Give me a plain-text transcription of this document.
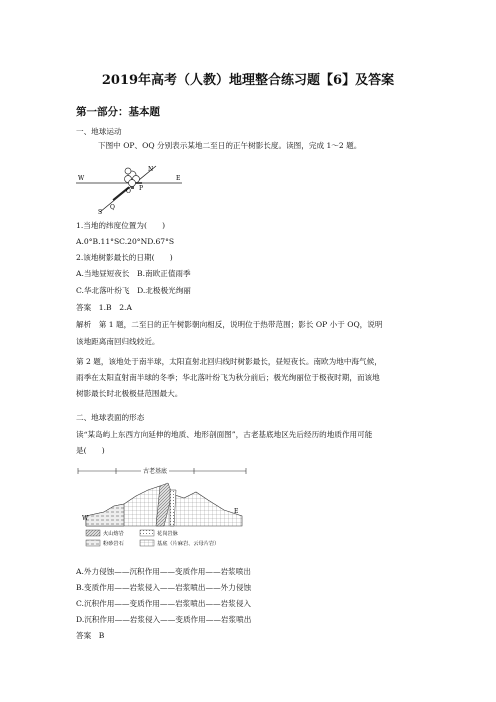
2019年高考（人教）地理整合练习题【6】及答案
第一部分：基本题
一、地球运动
下图中 OP、OQ 分别表示某地二至日的正午树影长度。读图，完成 1～2 题。
W	E
N
S
O P
Q
1.当地的纬度位置为(　　)
A.0°B.11°SC.20°ND.67°S
2.该地树影最长的日期(　　)
A.当地昼短夜长　B.南欧正值雨季
C.华北落叶纷飞　D.北极极光绚丽
答案　1.B　2.A
解析　第 1 题，二至日的正午树影朝向相反，说明位于热带范围；影长 OP 小于 OQ，说明
该地距离南回归线较近。
第 2 题，该地处于南半球，太阳直射北回归线时树影最长，昼短夜长。南欧为地中海气候，
雨季在太阳直射南半球的冬季；华北落叶纷飞为秋分前后；极光绚丽位于极夜时期，而该地
树影最长时北极极昼范围最大。
二、地球表面的形态
读“某岛屿上东西方向延伸的地质、地形剖面图”，古老基底地区先后经历的地质作用可能
是(　　)
古老基底
W
E
火山熔岩	花岗岩脉
粉砂岩石	基底（片麻岩、云母片岩）
A.外力侵蚀——沉积作用——变质作用——岩浆喷出
B.变质作用——岩浆侵入——岩浆喷出——外力侵蚀
C.沉积作用——变质作用——岩浆喷出——岩浆侵入
D.沉积作用——岩浆侵入——变质作用——岩浆喷出
答案　B
